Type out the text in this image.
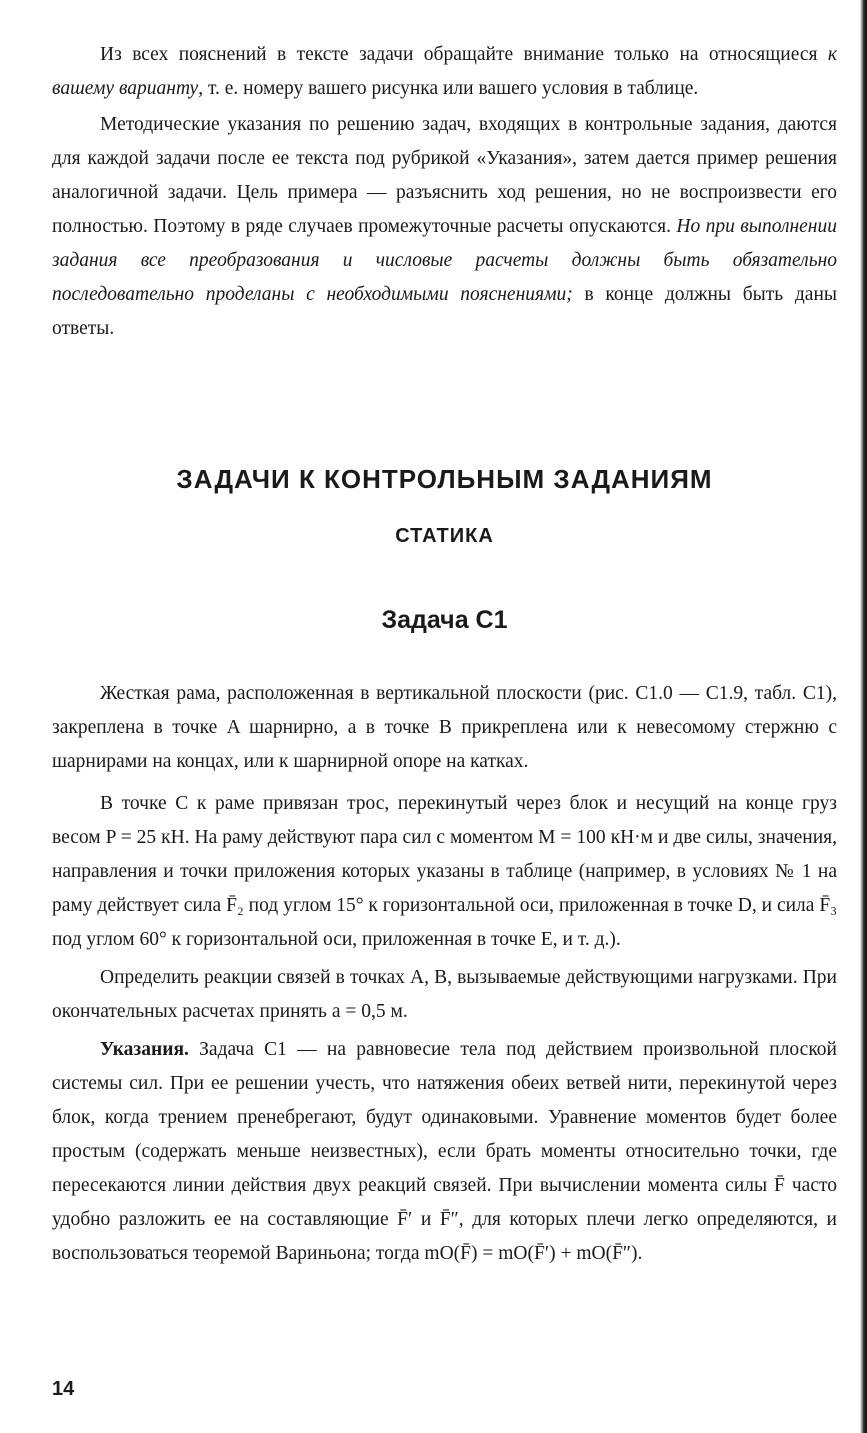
Из всех пояснений в тексте задачи обращайте внимание только на относящиеся к вашему варианту, т. е. номеру вашего рисунка или вашего условия в таблице.

Методические указания по решению задач, входящих в контрольные задания, даются для каждой задачи после ее текста под рубрикой «Указания», затем дается пример решения аналогичной задачи. Цель примера — разъяснить ход решения, но не воспроизвести его полностью. Поэтому в ряде случаев промежуточные расчеты опускаются. Но при выполнении задания все преобразования и числовые расчеты должны быть обязательно последовательно проделаны с необходимыми пояснениями; в конце должны быть даны ответы.

ЗАДАЧИ К КОНТРОЛЬНЫМ ЗАДАНИЯМ
СТАТИКА
Задача С1

Жесткая рама, расположенная в вертикальной плоскости (рис. С1.0 — С1.9, табл. С1), закреплена в точке A шарнирно, а в точке B прикреплена или к невесомому стержню с шарнирами на концах, или к шарнирной опоре на катках.

В точке C к раме привязан трос, перекинутый через блок и несущий на конце груз весом P = 25 кН. На раму действуют пара сил с моментом M = 100 кН·м и две силы, значения, направления и точки приложения которых указаны в таблице (например, в условиях № 1 на раму действует сила F̄₂ под углом 15° к горизонтальной оси, приложенная в точке D, и сила F̄₃ под углом 60° к горизонтальной оси, приложенная в точке E, и т. д.).

Определить реакции связей в точках A, B, вызываемые действующими нагрузками. При окончательных расчетах принять a = 0,5 м.

Указания. Задача С1 — на равновесие тела под действием произвольной плоской системы сил. При ее решении учесть, что натяжения обеих ветвей нити, перекинутой через блок, когда трением пренебрегают, будут одинаковыми. Уравнение моментов будет более простым (содержать меньше неизвестных), если брать моменты относительно точки, где пересекаются линии действия двух реакций связей. При вычислении момента силы F̄ часто удобно разложить ее на составляющие F̄′ и F̄″, для которых плечи легко определяются, и воспользоваться теоремой Вариньона; тогда mO(F̄) = mO(F̄′) + mO(F̄″).

14
